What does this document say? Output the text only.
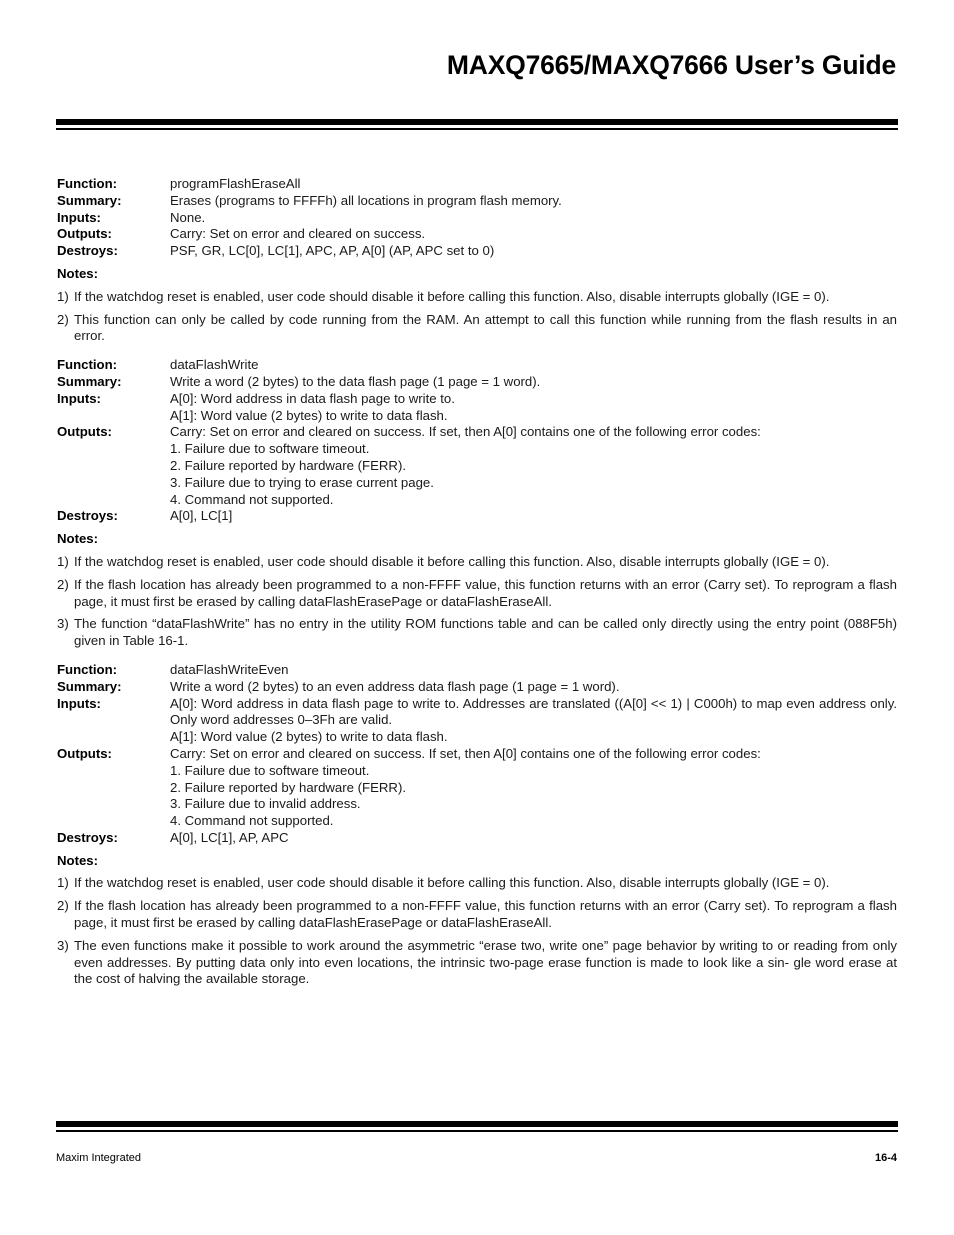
MAXQ7665/MAXQ7666 User’s Guide
Function:	programFlashEraseAll
Summary:	Erases (programs to FFFFh) all locations in program flash memory.
Inputs:	None.
Outputs:	Carry: Set on error and cleared on success.
Destroys:	PSF, GR, LC[0], LC[1], APC, AP, A[0] (AP, APC set to 0)
Notes:
1) If the watchdog reset is enabled, user code should disable it before calling this function. Also, disable interrupts globally (IGE = 0).
2) This function can only be called by code running from the RAM. An attempt to call this function while running from the flash results in an error.
Function:	dataFlashWrite
Summary:	Write a word (2 bytes) to the data flash page (1 page = 1 word).
Inputs:	A[0]: Word address in data flash page to write to.
A[1]: Word value (2 bytes) to write to data flash.
Outputs:	Carry: Set on error and cleared on success. If set, then A[0] contains one of the following error codes:
1. Failure due to software timeout.
2. Failure reported by hardware (FERR).
3. Failure due to trying to erase current page.
4. Command not supported.
Destroys:	A[0], LC[1]
Notes:
1) If the watchdog reset is enabled, user code should disable it before calling this function. Also, disable interrupts globally (IGE = 0).
2) If the flash location has already been programmed to a non-FFFF value, this function returns with an error (Carry set). To reprogram a flash page, it must first be erased by calling dataFlashErasePage or dataFlashEraseAll.
3) The function “dataFlashWrite” has no entry in the utility ROM functions table and can be called only directly using the entry point (088F5h) given in Table 16-1.
Function:	dataFlashWriteEven
Summary:	Write a word (2 bytes) to an even address data flash page (1 page = 1 word).
Inputs:	A[0]: Word address in data flash page to write to. Addresses are translated ((A[0] << 1) | C000h) to map even address only. Only word addresses 0–3Fh are valid.
A[1]: Word value (2 bytes) to write to data flash.
Outputs:	Carry: Set on error and cleared on success. If set, then A[0] contains one of the following error codes:
1. Failure due to software timeout.
2. Failure reported by hardware (FERR).
3. Failure due to invalid address.
4. Command not supported.
Destroys:	A[0], LC[1], AP, APC
Notes:
1) If the watchdog reset is enabled, user code should disable it before calling this function. Also, disable interrupts globally (IGE = 0).
2) If the flash location has already been programmed to a non-FFFF value, this function returns with an error (Carry set). To reprogram a flash page, it must first be erased by calling dataFlashErasePage or dataFlashEraseAll.
3) The even functions make it possible to work around the asymmetric “erase two, write one” page behavior by writing to or reading from only even addresses. By putting data only into even locations, the intrinsic two-page erase function is made to look like a sin- gle word erase at the cost of halving the available storage.
Maxim Integrated	16-4
